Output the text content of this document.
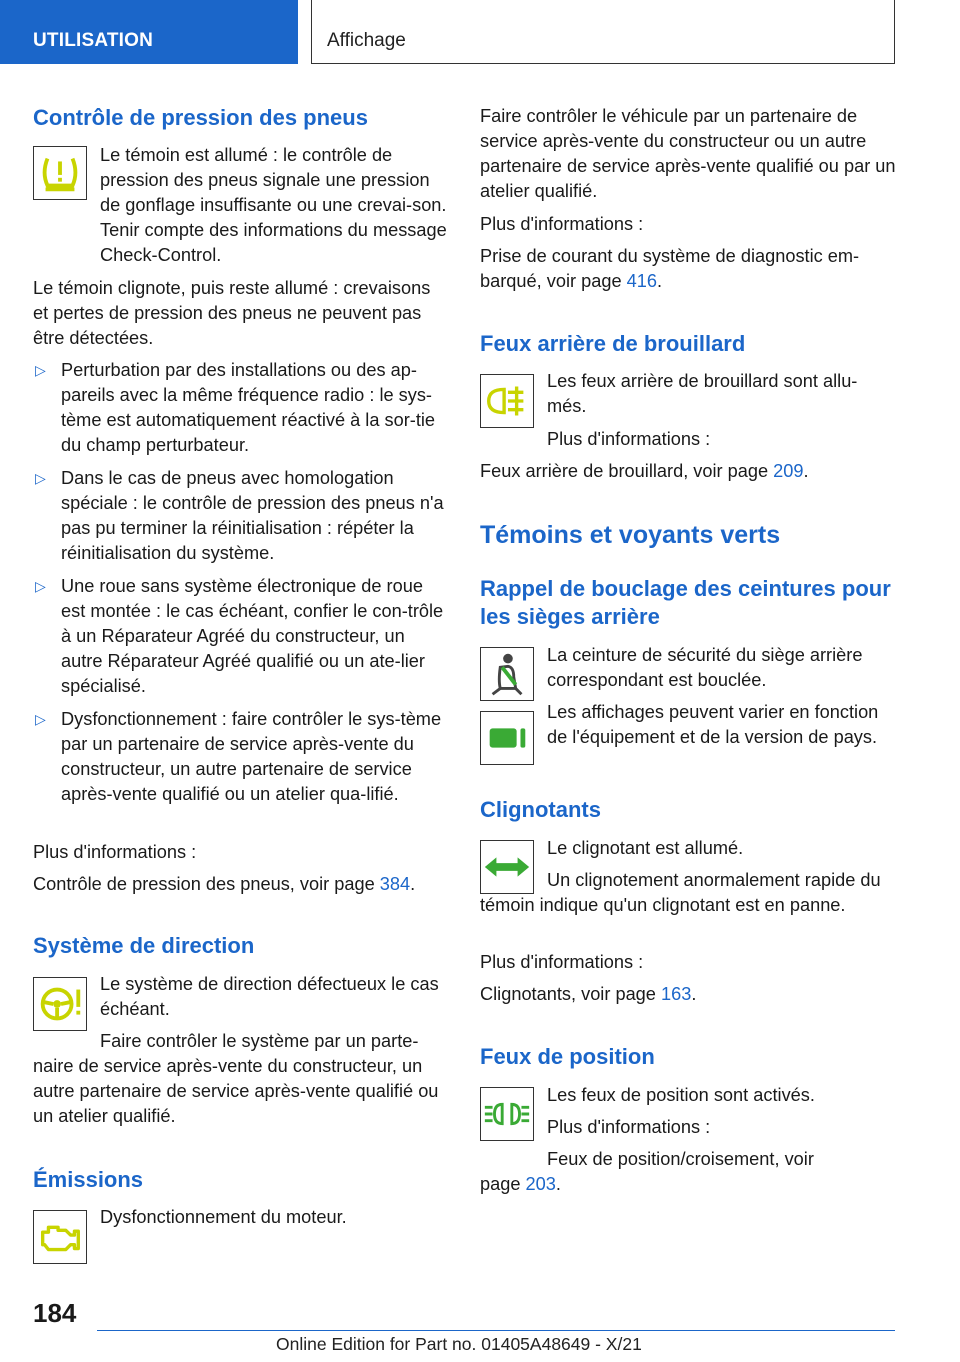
UTILISATION	Affichage
Contrôle de pression des pneus

Le témoin est allumé : le contrôle de pression des pneus signale une pression de gonflage insuffisante ou une crevai-son. Tenir compte des informations du message Check-Control.

Le témoin clignote, puis reste allumé : crevaisons et pertes de pression des pneus ne peuvent pas être détectées.

▷ Perturbation par des installations ou des ap-pareils avec la même fréquence radio : le sys-tème est automatiquement réactivé à la sor-tie du champ perturbateur.
▷ Dans le cas de pneus avec homologation spéciale : le contrôle de pression des pneus n'a pas pu terminer la réinitialisation : répéter la réinitialisation du système.
▷ Une roue sans système électronique de roue est montée : le cas échéant, confier le con-trôle à un Réparateur Agréé du constructeur, un autre Réparateur Agréé qualifié ou un ate-lier spécialisé.
▷ Dysfonctionnement : faire contrôler le sys-tème par un partenaire de service après-vente du constructeur, un autre partenaire de service après-vente qualifié ou un atelier qua-lifié.

Plus d'informations :

Contrôle de pression des pneus, voir page 384.

Système de direction

Le système de direction défectueux le cas échéant.

Faire contrôler le système par un parte-naire de service après-vente du constructeur, un autre partenaire de service après-vente qualifié ou un atelier qualifié.

Émissions

Dysfonctionnement du moteur.

Faire contrôler le véhicule par un partenaire de service après-vente du constructeur ou un autre partenaire de service après-vente qualifié ou par un atelier qualifié.

Plus d'informations :

Prise de courant du système de diagnostic em-barqué, voir page 416.

Feux arrière de brouillard

Les feux arrière de brouillard sont allu-més.

Plus d'informations :

Feux arrière de brouillard, voir page 209.

Témoins et voyants verts
Rappel de bouclage des ceintures pour les sièges arrière

La ceinture de sécurité du siège arrière correspondant est bouclée.

Les affichages peuvent varier en fonction de l'équipement et de la version de pays.

Clignotants

Le clignotant est allumé.

Un clignotement anormalement rapide du témoin indique qu'un clignotant est en panne.

Plus d'informations :

Clignotants, voir page 163.

Feux de position

Les feux de position sont activés.

Plus d'informations :

Feux de position/croisement, voir

page 203.

184
Online Edition for Part no. 01405A48649 - X/21
